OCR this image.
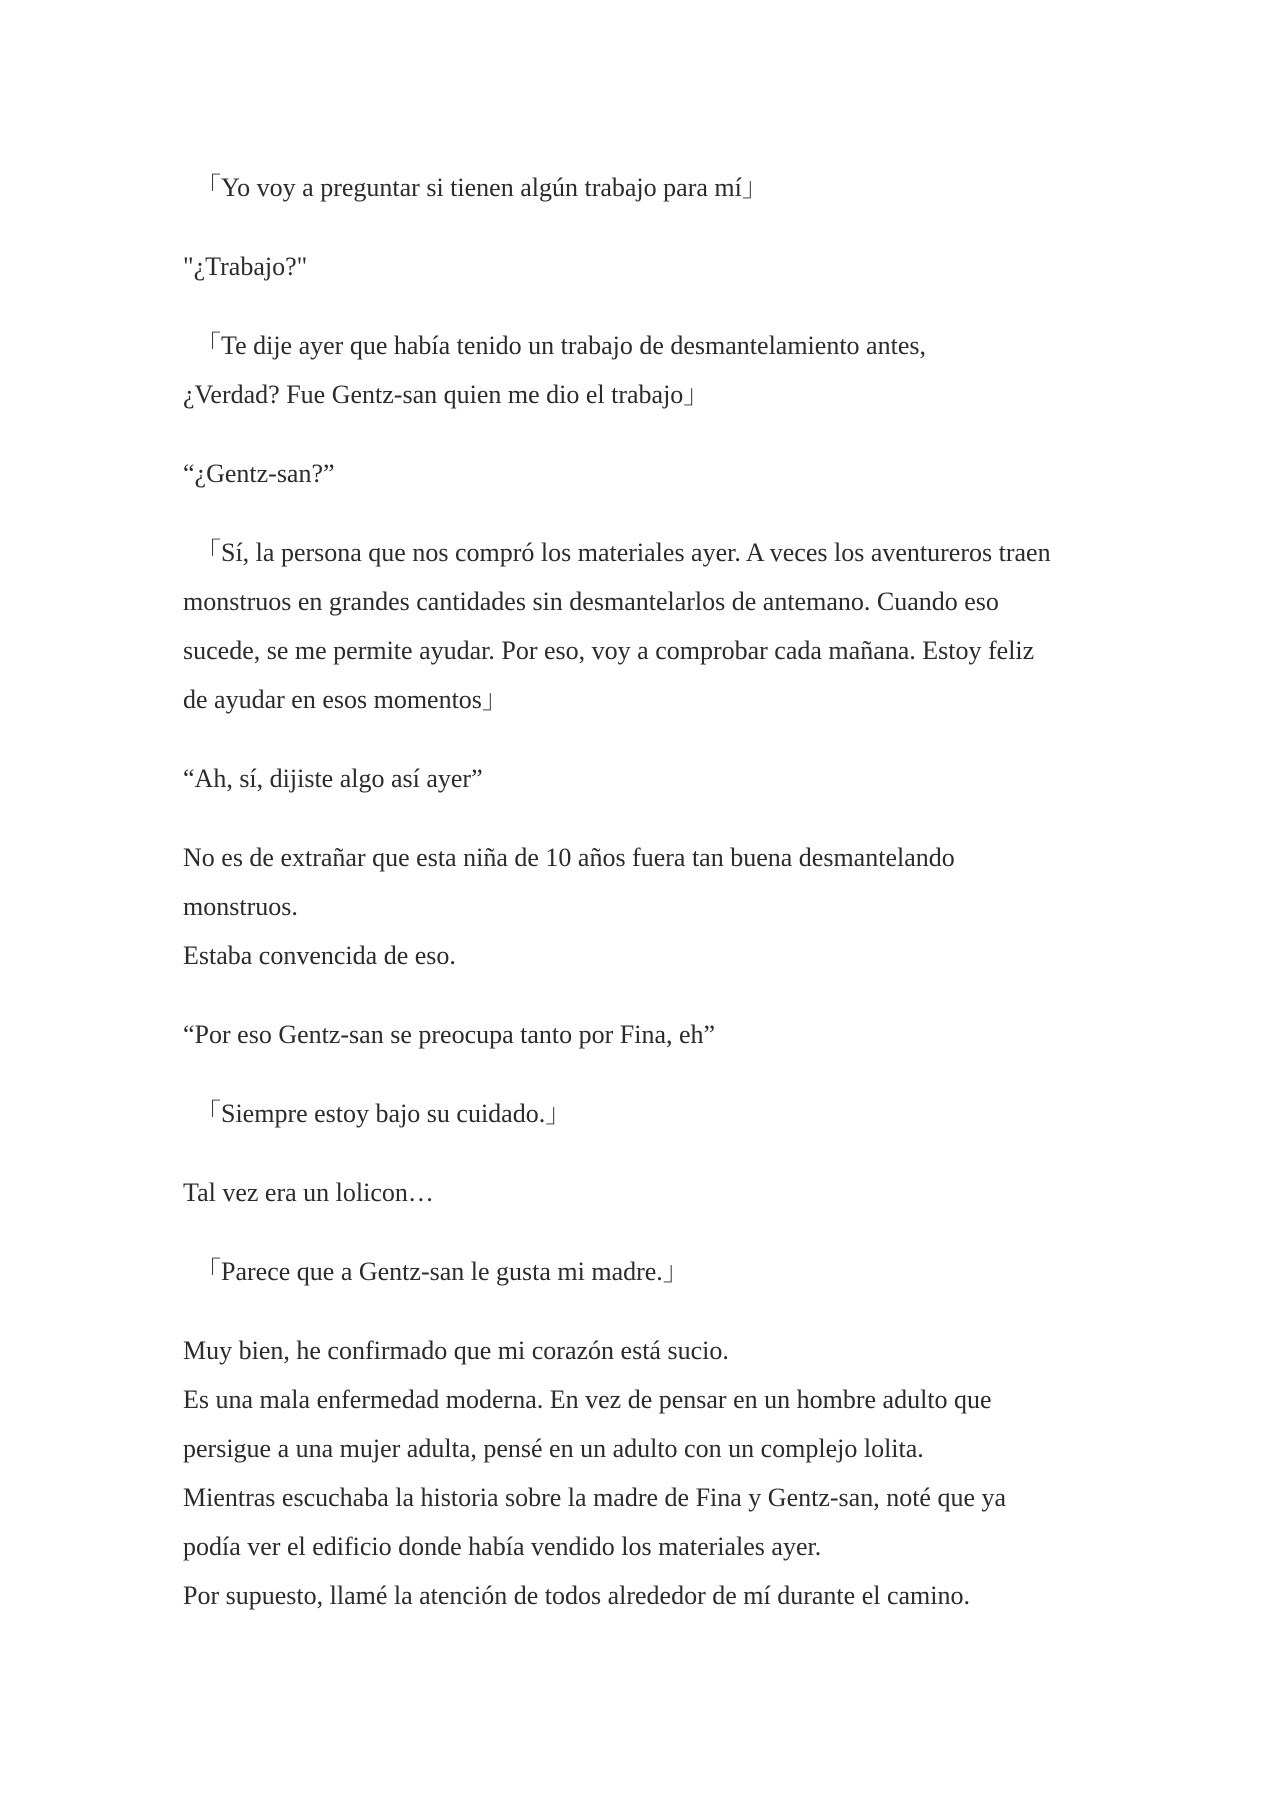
「Yo voy a preguntar si tienen algún trabajo para mí」

"¿Trabajo?"

「Te dije ayer que había tenido un trabajo de desmantelamiento antes,
¿Verdad? Fue Gentz-san quien me dio el trabajo」

“¿Gentz-san?”

「Sí, la persona que nos compró los materiales ayer. A veces los aventureros traen
monstruos en grandes cantidades sin desmantelarlos de antemano. Cuando eso
sucede, se me permite ayudar. Por eso, voy a comprobar cada mañana. Estoy feliz
de ayudar en esos momentos」

“Ah, sí, dijiste algo así ayer”

No es de extrañar que esta niña de 10 años fuera tan buena desmantelando
monstruos.
Estaba convencida de eso.

“Por eso Gentz-san se preocupa tanto por Fina, eh”

「Siempre estoy bajo su cuidado.」

Tal vez era un lolicon…

「Parece que a Gentz-san le gusta mi madre.」

Muy bien, he confirmado que mi corazón está sucio.
Es una mala enfermedad moderna. En vez de pensar en un hombre adulto que
persigue a una mujer adulta, pensé en un adulto con un complejo lolita.
Mientras escuchaba la historia sobre la madre de Fina y Gentz-san, noté que ya
podía ver el edificio donde había vendido los materiales ayer.
Por supuesto, llamé la atención de todos alrededor de mí durante el camino.
